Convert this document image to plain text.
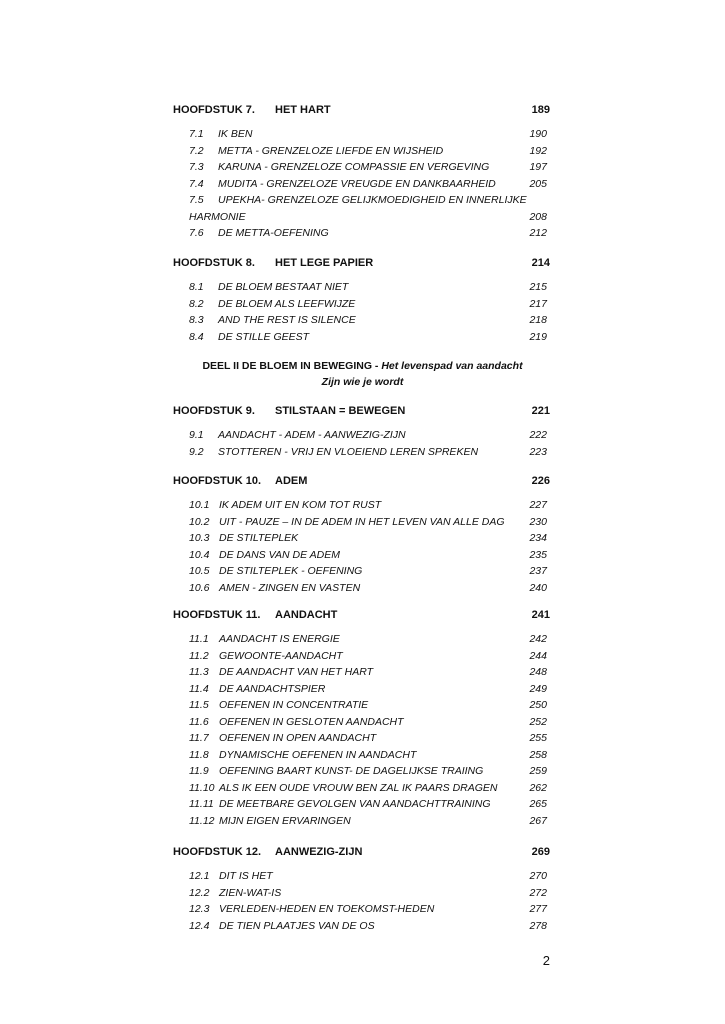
DEEL II DE BLOEM IN BEWEGING - Het levenspad van aandacht
Zijn wie je wordt
2
HOOFDSTUK 7. HET HART	189
7.1 IK BEN	190
7.2 METTA - GRENZELOZE LIEFDE EN WIJSHEID	192
7.3 KARUNA - GRENZELOZE COMPASSIE EN VERGEVING	197
7.4 MUDITA - GRENZELOZE VREUGDE EN DANKBAARHEID	205
7.5 UPEKHA- GRENZELOZE GELIJKMOEDIGHEID EN INNERLIJKE
HARMONIE	208
7.6 DE METTA-OEFENING	212
HOOFDSTUK 8. HET LEGE PAPIER	214
8.1 DE BLOEM BESTAAT NIET	215
8.2 DE BLOEM ALS LEEFWIJZE	217
8.3 AND THE REST IS SILENCE	218
8.4 DE STILLE GEEST	219
HOOFDSTUK 9. STILSTAAN = BEWEGEN	221
9.1 AANDACHT - ADEM - AANWEZIG-ZIJN	222
9.2 STOTTEREN - VRIJ EN VLOEIEND LEREN SPREKEN	223
HOOFDSTUK 10. ADEM	226
10.1 IK ADEM UIT EN KOM TOT RUST	227
10.2 UIT - PAUZE – IN DE ADEM IN HET LEVEN VAN ALLE DAG 230
10.3 DE STILTEPLEK	234
10.4 DE DANS VAN DE ADEM	235
10.5 DE STILTEPLEK - OEFENING	237
10.6 AMEN - ZINGEN EN VASTEN	240
HOOFDSTUK 11. AANDACHT	241
11.1 AANDACHT IS ENERGIE	242
11.2 GEWOONTE-AANDACHT	244
11.3 DE AANDACHT VAN HET HART	248
11.4 DE AANDACHTSPIER	249
11.5 OEFENEN IN CONCENTRATIE	250
11.6 OEFENEN IN GESLOTEN AANDACHT	252
11.7 OEFENEN IN OPEN AANDACHT	255
11.8 DYNAMISCHE OEFENEN IN AANDACHT	258
11.9 OEFENING BAART KUNST- DE DAGELIJKSE TRAIING	259
11.10 ALS IK EEN OUDE VROUW BEN ZAL IK PAARS DRAGEN	262
11.11 DE MEETBARE GEVOLGEN VAN AANDACHTTRAINING	265
11.12 MIJN EIGEN ERVARINGEN	267
HOOFDSTUK 12. AANWEZIG-ZIJN	269
12.1 DIT IS HET	270
12.2 ZIEN-WAT-IS	272
12.3 VERLEDEN-HEDEN EN TOEKOMST-HEDEN	277
12.4 DE TIEN PLAATJES VAN DE OS	278
